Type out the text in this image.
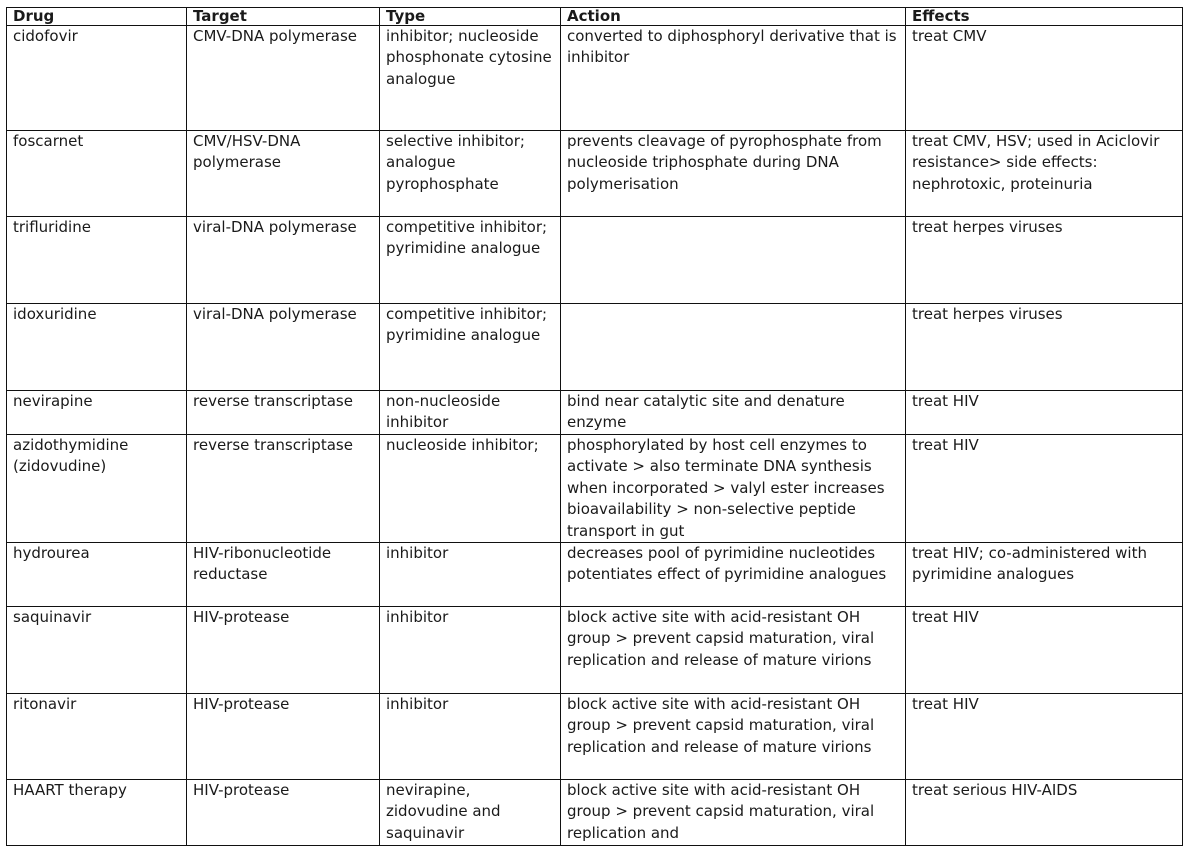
Drug	Target	Type	Action	Effects
cidofovir	CMV-DNA polymerase	inhibitor; nucleoside phosphonate cytosine analogue	converted to diphosphoryl derivative that is inhibitor	treat CMV
foscarnet	CMV/HSV-DNA polymerase	selective inhibitor; analogue pyrophosphate	prevents cleavage of pyrophosphate from nucleoside triphosphate during DNA polymerisation	treat CMV, HSV; used in Aciclovir resistance> side effects: nephrotoxic, proteinuria
trifluridine	viral-DNA polymerase	competitive inhibitor; pyrimidine analogue		treat herpes viruses
idoxuridine	viral-DNA polymerase	competitive inhibitor; pyrimidine analogue		treat herpes viruses
nevirapine	reverse transcriptase	non-nucleoside inhibitor	bind near catalytic site and denature enzyme	treat HIV
azidothymidine (zidovudine)	reverse transcriptase	nucleoside inhibitor;	phosphorylated by host cell enzymes to activate > also terminate DNA synthesis when incorporated > valyl ester increases bioavailability > non-selective peptide transport in gut	treat HIV
hydrourea	HIV-ribonucleotide reductase	inhibitor	decreases pool of pyrimidine nucleotides potentiates effect of pyrimidine analogues	treat HIV; co-administered with pyrimidine analogues
saquinavir	HIV-protease	inhibitor	block active site with acid-resistant OH group > prevent capsid maturation, viral replication and release of mature virions	treat HIV
ritonavir	HIV-protease	inhibitor	block active site with acid-resistant OH group > prevent capsid maturation, viral replication and release of mature virions	treat HIV
HAART therapy	HIV-protease	nevirapine, zidovudine and saquinavir	block active site with acid-resistant OH group > prevent capsid maturation, viral replication and	treat serious HIV-AIDS
